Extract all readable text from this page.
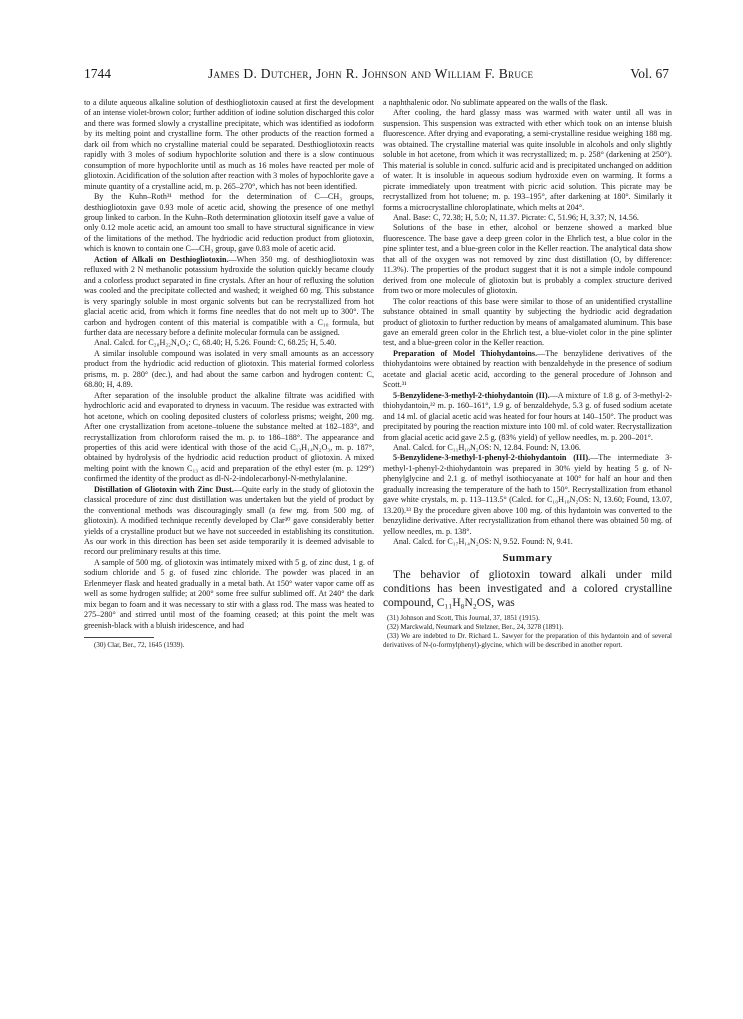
1744	James D. Dutcher, John R. Johnson and William F. Bruce	Vol. 67

to a dilute aqueous alkaline solution of desthiogliotoxin caused at first the development of an intense violet-brown color; further addition of iodine solution discharged this color and there was formed slowly a crystalline precipitate, which was identified as iodoform by its melting point and crystalline form. The other products of the reaction formed a dark oil from which no crystalline material could be separated. Desthiogliotoxin reacts rapidly with 3 moles of sodium hypochlorite solution and there is a slow continuous consumption of more hypochlorite until as much as 16 moles have reacted per mole of gliotoxin. Acidification of the solution after reaction with 3 moles of hypochlorite gave a minute quantity of a crystalline acid, m. p. 265–270°, which has not been identified.

By the Kuhn–Roth³¹ method for the determination of C—CH₃ groups, desthiogliotoxin gave 0.93 mole of acetic acid, showing the presence of one methyl group linked to carbon. In the Kuhn–Roth determination gliotoxin itself gave a value of only 0.12 mole acetic acid, an amount too small to have structural significance in view of the limitations of the method. The hydriodic acid reduction product from gliotoxin, which is known to contain one C—CH₃ group, gave 0.83 mole of acetic acid.

Action of Alkali on Desthiogliotoxin.—When 350 mg. of desthiogliotoxin was refluxed with 2 N methanolic potassium hydroxide the solution quickly became cloudy and a colorless product separated in fine crystals. After an hour of refluxing the solution was cooled and the precipitate collected and washed; it weighed 60 mg. This substance is very sparingly soluble in most organic solvents but can be recrystallized from hot glacial acetic acid, from which it forms fine needles that do not melt up to 300°. The carbon and hydrogen content of this material is compatible with a C₁₀ formula, but further data are necessary before a definite molecular formula can be assigned.

Anal. Calcd. for C₂₀H₂₂N₄O₄: C, 68.40; H, 5.26. Found: C, 68.25; H, 5.40.

A similar insoluble compound was isolated in very small amounts as an accessory product from the hydriodic acid reduction of gliotoxin. This material formed colorless prisms, m. p. 280° (dec.), and had about the same carbon and hydrogen content: C, 68.80; H, 4.89.

After separation of the insoluble product the alkaline filtrate was acidified with hydrochloric acid and evaporated to dryness in vacuum. The residue was extracted with hot acetone, which on cooling deposited clusters of colorless prisms; weight, 200 mg. After one crystallization from acetone–toluene the substance melted at 182–183°, and recrystallization from chloroform raised the m. p. to 186–188°. The appearance and properties of this acid were identical with those of the acid C₁₃H₁₄N₂O₃, m. p. 187°, obtained by hydrolysis of the hydriodic acid reduction product of gliotoxin. A mixed melting point with the known C₁₃ acid and preparation of the ethyl ester (m. p. 129°) confirmed the identity of the product as dl-N-2-indolecarbonyl-N-methylalanine.

Distillation of Gliotoxin with Zinc Dust.—Quite early in the study of gliotoxin the classical procedure of zinc dust distillation was undertaken but the yield of product by the conventional methods was discouragingly small (a few mg. from 500 mg. of gliotoxin). A modified technique recently developed by Clar³⁰ gave considerably better yields of a crystalline product but we have not succeeded in establishing its constitution. As our work in this direction has been set aside temporarily it is deemed advisable to record our preliminary results at this time.

A sample of 500 mg. of gliotoxin was intimately mixed with 5 g. of zinc dust, 1 g. of sodium chloride and 5 g. of fused zinc chloride. The powder was placed in an Erlenmeyer flask and heated gradually in a metal bath. At 150° water vapor came off as well as some hydrogen sulfide; at 200° some free sulfur sublimed off. At 240° the dark mix began to foam and it was necessary to stir with a glass rod. The mass was heated to 275–280° and stirred until most of the foaming ceased; at this point the melt was greenish-black with a bluish iridescence, and had

(30) Clar, Ber., 72, 1645 (1939).

a naphthalenic odor. No sublimate appeared on the walls of the flask.

After cooling, the hard glassy mass was warmed with water until all was in suspension. This suspension was extracted with ether which took on an intense bluish fluorescence. After drying and evaporating, a semi-crystalline residue weighing 188 mg. was obtained. The crystalline material was quite insoluble in alcohols and only slightly soluble in hot acetone, from which it was recrystallized; m. p. 258° (darkening at 250°). This material is soluble in concd. sulfuric acid and is precipitated unchanged on addition of water. It is insoluble in aqueous sodium hydroxide even on warming. It forms a picrate immediately upon treatment with picric acid solution. This picrate may be recrystallized from hot toluene; m. p. 193–195°, after darkening at 180°. Similarly it forms a microcrystalline chloroplatinate, which melts at 204°.

Anal. Base: C, 72.38; H, 5.0; N, 11.37. Picrate: C, 51.96; H, 3.37; N, 14.56.

Solutions of the base in ether, alcohol or benzene showed a marked blue fluorescence. The base gave a deep green color in the Ehrlich test, a blue color in the pine splinter test, and a blue-green color in the Keller reaction. The analytical data show that all of the oxygen was not removed by zinc dust distillation (O, by difference: 11.3%). The properties of the product suggest that it is not a simple indole compound derived from one molecule of gliotoxin but is probably a complex structure derived from two or more molecules of gliotoxin.

The color reactions of this base were similar to those of an unidentified crystalline substance obtained in small quantity by subjecting the hydriodic acid degradation product of gliotoxin to further reduction by means of amalgamated aluminum. This base gave an emerald green color in the Ehrlich test, a blue-violet color in the pine splinter test, and a blue-green color in the Keller reaction.

Preparation of Model Thiohydantoins.—The benzylidene derivatives of the thiohydantoins were obtained by reaction with benzaldehyde in the presence of sodium acetate and glacial acetic acid, according to the general procedure of Johnson and Scott.³¹

5-Benzylidene-3-methyl-2-thiohydantoin (II).—A mixture of 1.8 g. of 3-methyl-2-thiohydantoin,³² m. p. 160–161°, 1.9 g. of benzaldehyde, 5.3 g. of fused sodium acetate and 14 ml. of glacial acetic acid was heated for four hours at 140–150°. The product was precipitated by pouring the reaction mixture into 100 ml. of cold water. Recrystallization from glacial acetic acid gave 2.5 g. (83% yield) of yellow needles, m. p. 200–201°.

Anal. Calcd. for C₁₁H₁₀N₂OS: N, 12.84. Found: N, 13.06.

5-Benzylidene-3-methyl-1-phenyl-2-thiohydantoin (III).—The intermediate 3-methyl-1-phenyl-2-thiohydantoin was prepared in 30% yield by heating 5 g. of N-phenylglycine and 2.1 g. of methyl isothiocyanate at 100° for half an hour and then gradually increasing the temperature of the bath to 150°. Recrystallization from ethanol gave white crystals, m. p. 113–113.5° (Calcd. for C₁₀H₁₀N₂OS: N, 13.60; Found, 13.07, 13.20).³³ By the procedure given above 100 mg. of this hydantoin was converted to the benzylidine derivative. After recrystallization from ethanol there was obtained 50 mg. of yellow needles, m. p. 138°.

Anal. Calcd. for C₁₇H₁₄N₂OS: N, 9.52. Found: N, 9.41.

Summary

The behavior of gliotoxin toward alkali under mild conditions has been investigated and a colored crystalline compound, C₁₁H₈N₂OS, was

(31) Johnson and Scott, This Journal, 37, 1851 (1915).

(32) Marckwald, Neumark and Stelzner, Ber., 24, 3278 (1891).

(33) We are indebted to Dr. Richard L. Sawyer for the preparation of this hydantoin and of several derivatives of N-(o-formylphenyl)-glycine, which will be described in another report.
